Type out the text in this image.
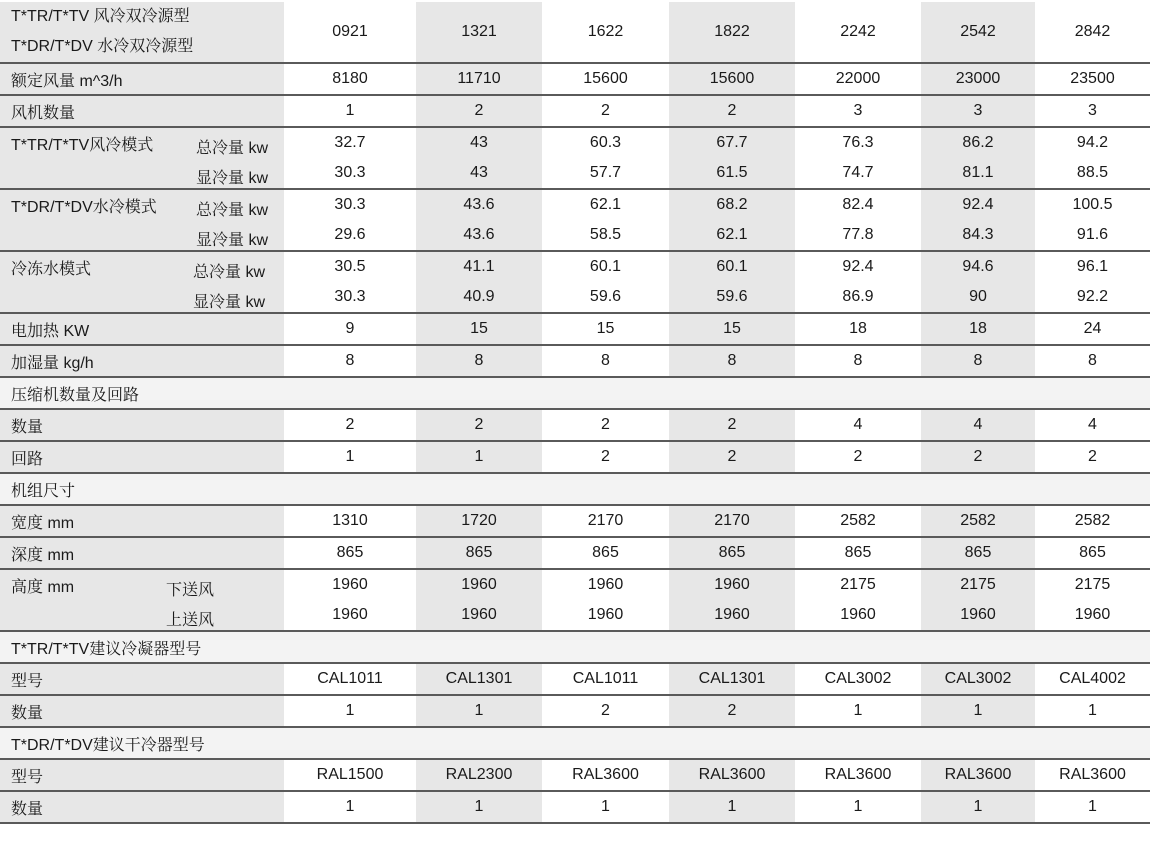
T*TR/T*TV 风冷双冷源型
T*DR/T*DV 水冷双冷源型	0921	1321	1622	1822	2242	2542	2842
额定风量 m^3/h	8180	11710	15600	15600	22000	23000	23500
风机数量	1	2	2	2	3	3	3
T*TR/T*TV风冷模式 总冷量 kw	32.7	43	60.3	67.7	76.3	86.2	94.2

显冷量 kw	30.3	43	57.7	61.5	74.7	81.1	88.5
T*DR/T*DV水冷模式 总冷量 kw	30.3	43.6	62.1	68.2	82.4	92.4	100.5

显冷量 kw	29.6	43.6	58.5	62.1	77.8	84.3	91.6
冷冻水模式 总冷量 kw	30.5	41.1	60.1	60.1	92.4	94.6	96.1

显冷量 kw	30.3	40.9	59.6	59.6	86.9	90	92.2
电加热 KW	9	15	15	15	18	18	24
加湿量 kg/h	8	8	8	8	8	8	8
压缩机数量及回路							
数量	2	2	2	2	4	4	4
回路	1	1	2	2	2	2	2
机组尺寸							
宽度 mm	1310	1720	2170	2170	2582	2582	2582
深度 mm	865	865	865	865	865	865	865
高度 mm 下送风	1960	1960	1960	1960	2175	2175	2175

上送风	1960	1960	1960	1960	1960	1960	1960
T*TR/T*TV建议冷凝器型号							
型号	CAL1011	CAL1301	CAL1011	CAL1301	CAL3002	CAL3002	CAL4002
数量	1	1	2	2	1	1	1
T*DR/T*DV建议干冷器型号							
型号	RAL1500	RAL2300	RAL3600	RAL3600	RAL3600	RAL3600	RAL3600
数量	1	1	1	1	1	1	1
